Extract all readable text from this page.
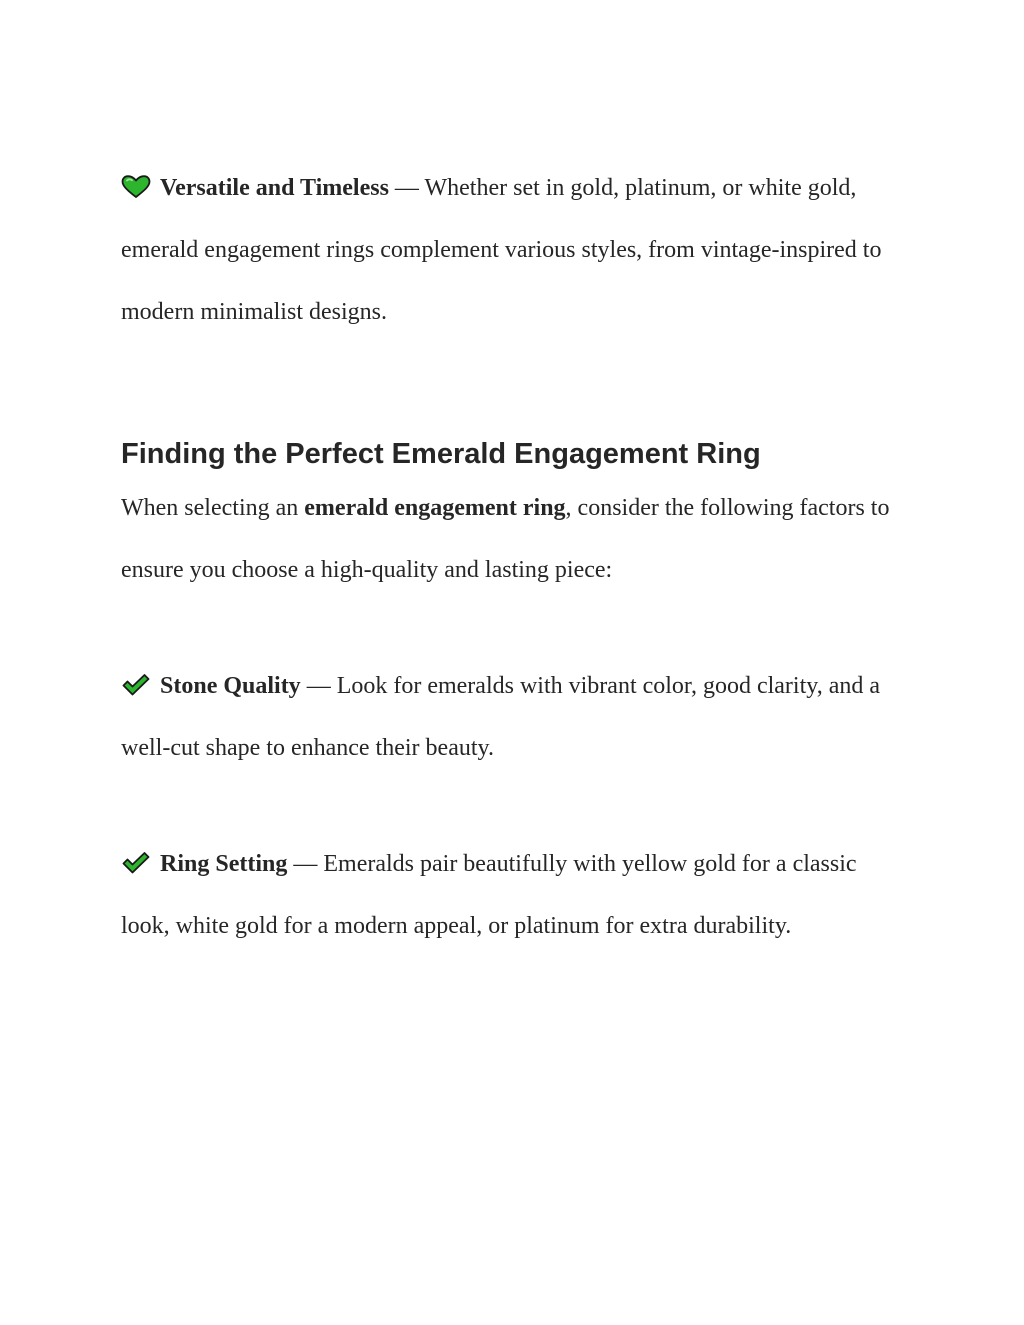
Versatile and Timeless — Whether set in gold, platinum, or white gold, emerald engagement rings complement various styles, from vintage-inspired to modern minimalist designs.
Finding the Perfect Emerald Engagement Ring
When selecting an emerald engagement ring, consider the following factors to ensure you choose a high-quality and lasting piece:
Stone Quality — Look for emeralds with vibrant color, good clarity, and a well-cut shape to enhance their beauty.
Ring Setting — Emeralds pair beautifully with yellow gold for a classic look, white gold for a modern appeal, or platinum for extra durability.
